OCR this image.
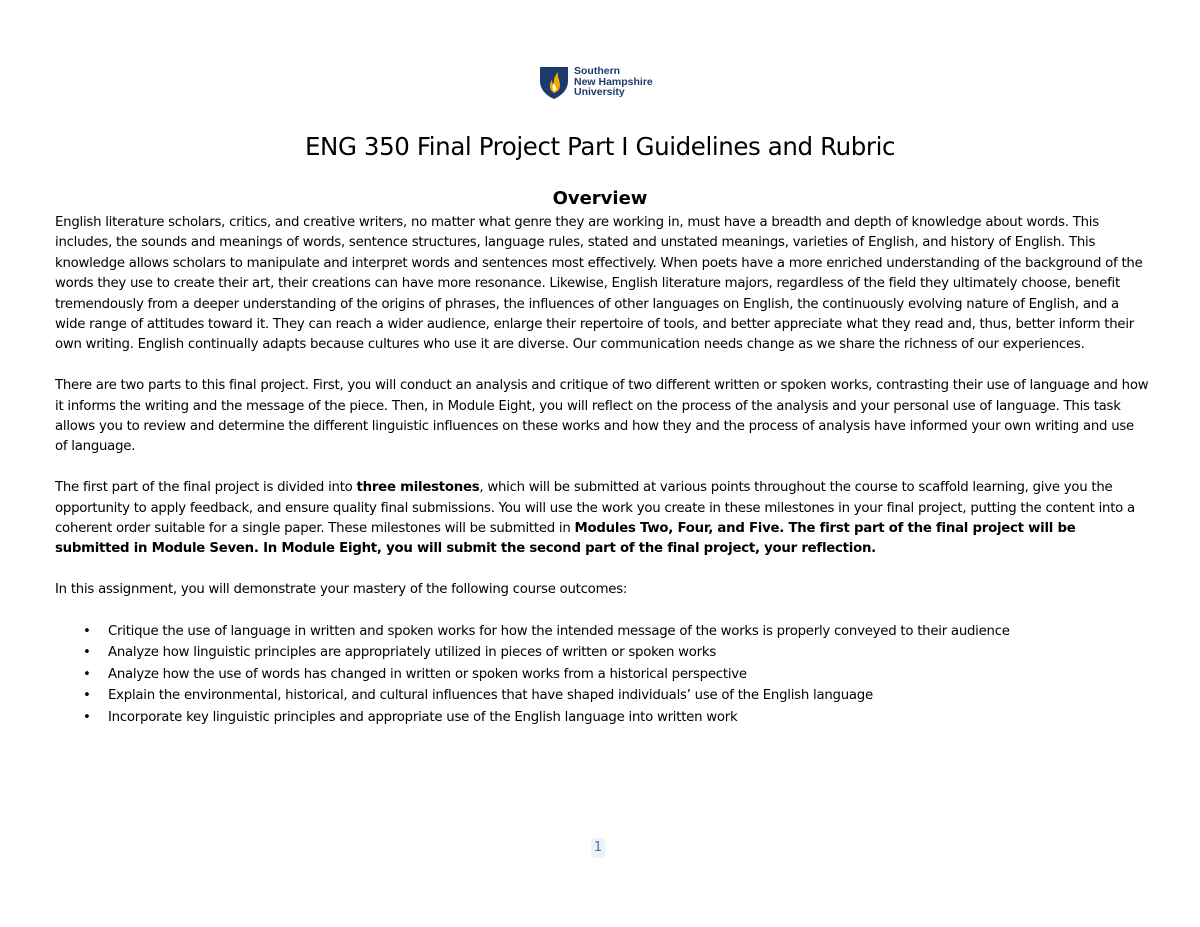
Southern
New Hampshire
University
ENG 350 Final Project Part I Guidelines and Rubric
Overview

English literature scholars, critics, and creative writers, no matter what genre they are working in, must have a breadth and depth of knowledge about words. This includes, the sounds and meanings of words, sentence structures, language rules, stated and unstated meanings, varieties of English, and history of English. This knowledge allows scholars to manipulate and interpret words and sentences most effectively. When poets have a more enriched understanding of the background of the words they use to create their art, their creations can have more resonance. Likewise, English literature majors, regardless of the field they ultimately choose, benefit tremendously from a deeper understanding of the origins of phrases, the influences of other languages on English, the continuously evolving nature of English, and a wide range of attitudes toward it. They can reach a wider audience, enlarge their repertoire of tools, and better appreciate what they read and, thus, better inform their own writing. English continually adapts because cultures who use it are diverse. Our communication needs change as we share the richness of our experiences.

There are two parts to this final project. First, you will conduct an analysis and critique of two different written or spoken works, contrasting their use of language and how it informs the writing and the message of the piece. Then, in Module Eight, you will reflect on the process of the analysis and your personal use of language. This task allows you to review and determine the different linguistic influences on these works and how they and the process of analysis have informed your own writing and use of language.

The first part of the final project is divided into three milestones, which will be submitted at various points throughout the course to scaffold learning, give you the opportunity to apply feedback, and ensure quality final submissions. You will use the work you create in these milestones in your final project, putting the content into a coherent order suitable for a single paper. These milestones will be submitted in Modules Two, Four, and Five. The first part of the final project will be submitted in Module Seven. In Module Eight, you will submit the second part of the final project, your reflection.

In this assignment, you will demonstrate your mastery of the following course outcomes:

• Critique the use of language in written and spoken works for how the intended message of the works is properly conveyed to their audience
• Analyze how linguistic principles are appropriately utilized in pieces of written or spoken works
• Analyze how the use of words has changed in written or spoken works from a historical perspective
• Explain the environmental, historical, and cultural influences that have shaped individuals’ use of the English language
• Incorporate key linguistic principles and appropriate use of the English language into written work
1
